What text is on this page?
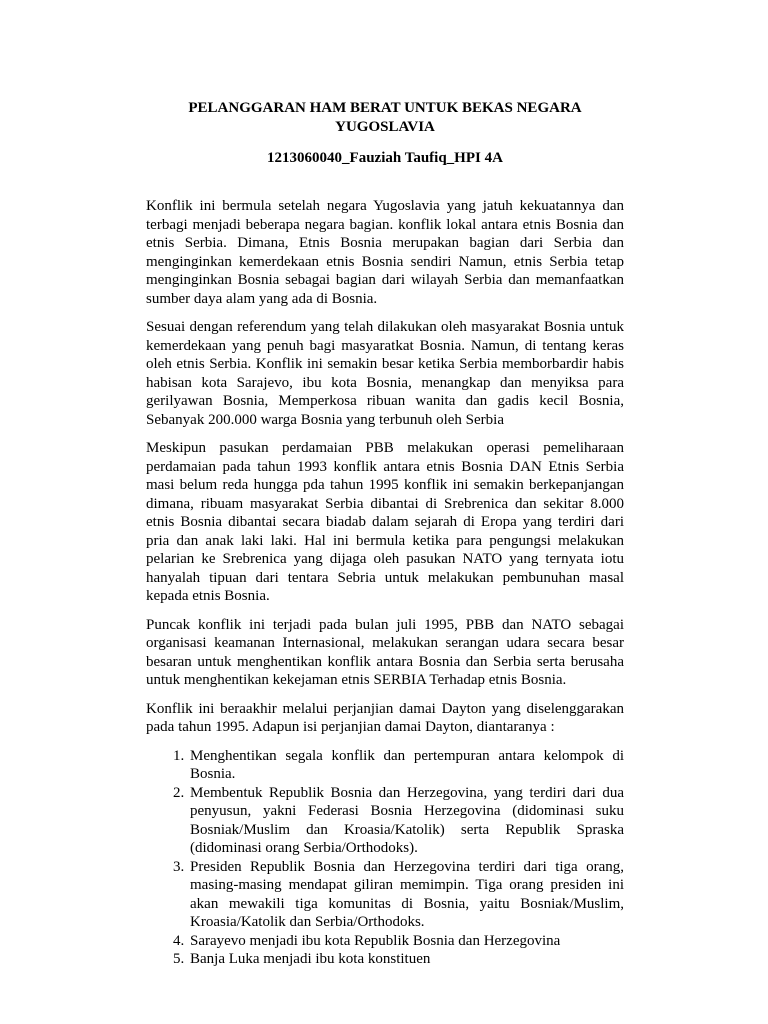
PELANGGARAN HAM BERAT UNTUK BEKAS NEGARA YUGOSLAVIA
1213060040_Fauziah Taufiq_HPI 4A

Konflik ini bermula setelah negara Yugoslavia yang jatuh kekuatannya dan terbagi menjadi beberapa negara bagian. konflik lokal antara etnis Bosnia dan etnis Serbia. Dimana, Etnis Bosnia merupakan bagian dari Serbia dan menginginkan kemerdekaan etnis Bosnia sendiri Namun, etnis Serbia tetap menginginkan Bosnia sebagai bagian dari wilayah Serbia dan memanfaatkan sumber daya alam yang ada di Bosnia.

Sesuai dengan referendum yang telah dilakukan oleh masyarakat Bosnia untuk kemerdekaan yang penuh bagi masyaratkat Bosnia. Namun, di tentang keras oleh etnis Serbia. Konflik ini semakin besar ketika Serbia memborbardir habis habisan kota Sarajevo, ibu kota Bosnia, menangkap dan menyiksa para gerilyawan Bosnia, Memperkosa ribuan wanita dan gadis kecil Bosnia, Sebanyak 200.000 warga Bosnia yang terbunuh oleh Serbia

Meskipun pasukan perdamaian PBB melakukan operasi pemeliharaan perdamaian pada tahun 1993 konflik antara etnis Bosnia DAN Etnis Serbia masi belum reda hungga pda tahun 1995 konflik ini semakin berkepanjangan dimana, ribuam masyarakat Serbia dibantai di Srebrenica dan sekitar 8.000 etnis Bosnia dibantai secara biadab dalam sejarah di Eropa yang terdiri dari pria dan anak laki laki. Hal ini bermula ketika para pengungsi melakukan pelarian ke Srebrenica yang dijaga oleh pasukan NATO yang ternyata iotu hanyalah tipuan dari tentara Sebria untuk melakukan pembunuhan masal kepada etnis Bosnia.

Puncak konflik ini terjadi pada bulan juli 1995, PBB dan NATO sebagai organisasi keamanan Internasional, melakukan serangan udara secara besar besaran untuk menghentikan konflik antara Bosnia dan Serbia serta berusaha untuk menghentikan kekejaman etnis SERBIA Terhadap etnis Bosnia.

Konflik ini beraakhir melalui perjanjian damai Dayton yang diselenggarakan pada tahun 1995. Adapun isi perjanjian damai Dayton, diantaranya :

1. Menghentikan segala konflik dan pertempuran antara kelompok di Bosnia.
2. Membentuk Republik Bosnia dan Herzegovina, yang terdiri dari dua penyusun, yakni Federasi Bosnia Herzegovina (didominasi suku Bosniak/Muslim dan Kroasia/Katolik) serta Republik Spraska (didominasi orang Serbia/Orthodoks).
3. Presiden Republik Bosnia dan Herzegovina terdiri dari tiga orang, masing-masing mendapat giliran memimpin. Tiga orang presiden ini akan mewakili tiga komunitas di Bosnia, yaitu Bosniak/Muslim, Kroasia/Katolik dan Serbia/Orthodoks.
4. Sarayevo menjadi ibu kota Republik Bosnia dan Herzegovina
5. Banja Luka menjadi ibu kota konstituen
